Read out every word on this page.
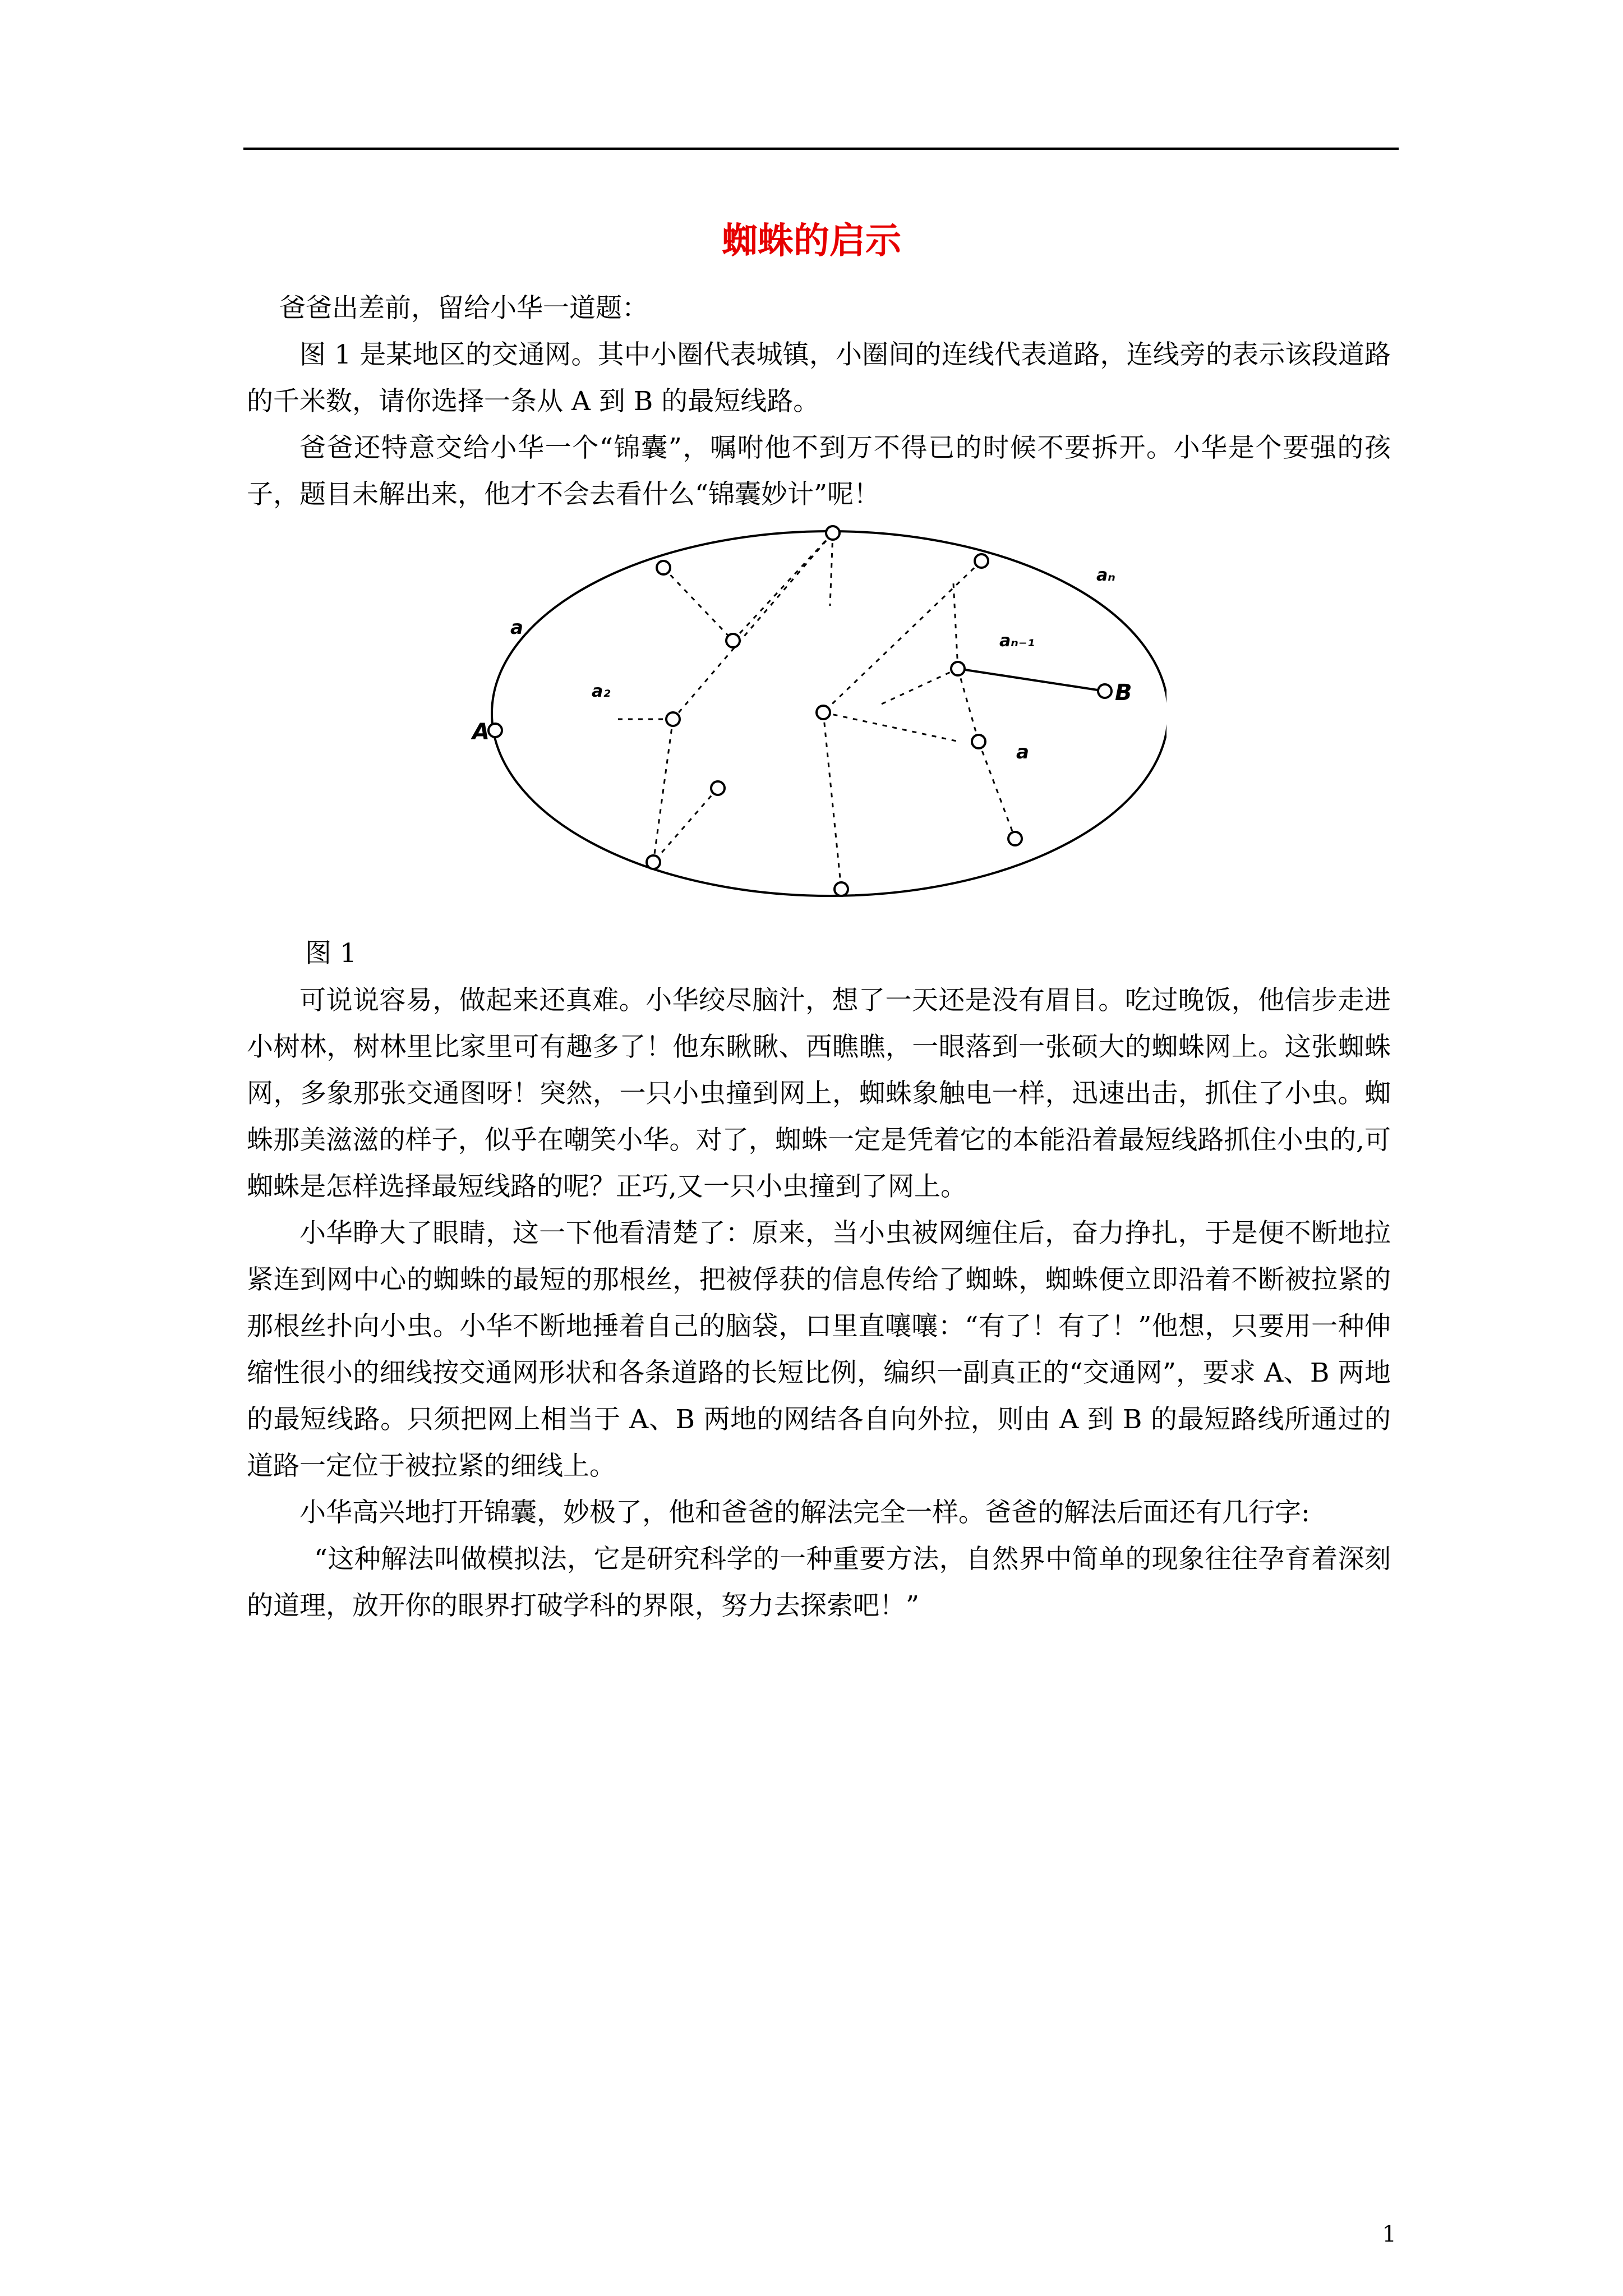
蜘蛛的启示

爸爸出差前，留给小华一道题：

图 1 是某地区的交通网。其中小圈代表城镇，小圈间的连线代表道路，连线旁的表示该段道路的千米数，请你选择一条从 A 到 B 的最短线路。

爸爸还特意交给小华一个“锦囊”，嘱咐他不到万不得已的时候不要拆开。小华是个要强的孩子，题目未解出来，他才不会去看什么“锦囊妙计”呢！

A
B
a
a₂
aₙ
aₙ₋₁
a
图 1

可说说容易，做起来还真难。小华绞尽脑汁，想了一天还是没有眉目。吃过晚饭，他信步走进小树林，树林里比家里可有趣多了！他东瞅瞅、西瞧瞧，一眼落到一张硕大的蜘蛛网上。这张蜘蛛网，多象那张交通图呀！突然，一只小虫撞到网上，蜘蛛象触电一样，迅速出击，抓住了小虫。蜘蛛那美滋滋的样子，似乎在嘲笑小华。对了，蜘蛛一定是凭着它的本能沿着最短线路抓住小虫的,可蜘蛛是怎样选择最短线路的呢？正巧,又一只小虫撞到了网上。

小华睁大了眼睛，这一下他看清楚了：原来，当小虫被网缠住后，奋力挣扎，于是便不断地拉紧连到网中心的蜘蛛的最短的那根丝，把被俘获的信息传给了蜘蛛，蜘蛛便立即沿着不断被拉紧的那根丝扑向小虫。小华不断地捶着自己的脑袋，口里直嚷嚷：“有了！有了！”他想，只要用一种伸缩性很小的细线按交通网形状和各条道路的长短比例，编织一副真正的“交通网”，要求 A、B 两地的最短线路。只须把网上相当于 A、B 两地的网结各自向外拉，则由 A 到 B 的最短路线所通过的道路一定位于被拉紧的细线上。

小华高兴地打开锦囊，妙极了，他和爸爸的解法完全一样。爸爸的解法后面还有几行字:

“这种解法叫做模拟法，它是研究科学的一种重要方法，自然界中简单的现象往往孕育着深刻的道理，放开你的眼界打破学科的界限，努力去探索吧！”

1
